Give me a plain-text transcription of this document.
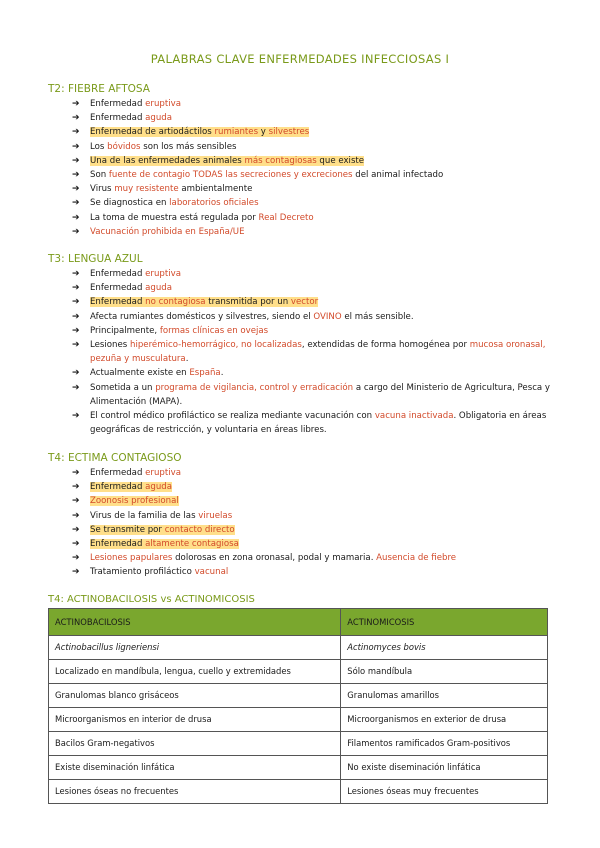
PALABRAS CLAVE ENFERMEDADES INFECCIOSAS I
T2: FIEBRE AFTOSA
➔ Enfermedad eruptiva
➔ Enfermedad aguda
➔ Enfermedad de artiodáctilos rumiantes y silvestres
➔ Los bóvidos son los más sensibles
➔ Una de las enfermedades animales más contagiosas que existe
➔ Son fuente de contagio TODAS las secreciones y excreciones del animal infectado
➔ Virus muy resistente ambientalmente
➔ Se diagnostica en laboratorios oficiales
➔ La toma de muestra está regulada por Real Decreto
➔ Vacunación prohibida en España/UE
T3: LENGUA AZUL
➔ Enfermedad eruptiva
➔ Enfermedad aguda
➔ Enfermedad no contagiosa transmitida por un vector
➔ Afecta rumiantes domésticos y silvestres, siendo el OVINO el más sensible.
➔ Principalmente, formas clínicas en ovejas
➔ Lesiones hiperémico-hemorrágico, no localizadas, extendidas de forma homogénea por mucosa oronasal, pezuña y musculatura.
➔ Actualmente existe en España.
➔ Sometida a un programa de vigilancia, control y erradicación a cargo del Ministerio de Agricultura, Pesca y Alimentación (MAPA).
➔ El control médico profiláctico se realiza mediante vacunación con vacuna inactivada. Obligatoria en áreas geográficas de restricción, y voluntaria en áreas libres.
T4: ECTIMA CONTAGIOSO
➔ Enfermedad eruptiva
➔ Enfermedad aguda
➔ Zoonosis profesional
➔ Virus de la familia de las viruelas
➔ Se transmite por contacto directo
➔ Enfermedad altamente contagiosa
➔ Lesiones papulares dolorosas en zona oronasal, podal y mamaria. Ausencia de fiebre
➔ Tratamiento profiláctico vacunal
T4: ACTINOBACILOSIS vs ACTINOMICOSIS
ACTINOBACILOSIS	ACTINOMICOSIS
Actinobacillus ligneriensi	Actinomyces bovis
Localizado en mandíbula, lengua, cuello y extremidades	Sólo mandíbula
Granulomas blanco grisáceos	Granulomas amarillos
Microorganismos en interior de drusa	Microorganismos en exterior de drusa
Bacilos Gram-negativos	Filamentos ramificados Gram-positivos
Existe diseminación linfática	No existe diseminación linfática
Lesiones óseas no frecuentes	Lesiones óseas muy frecuentes
